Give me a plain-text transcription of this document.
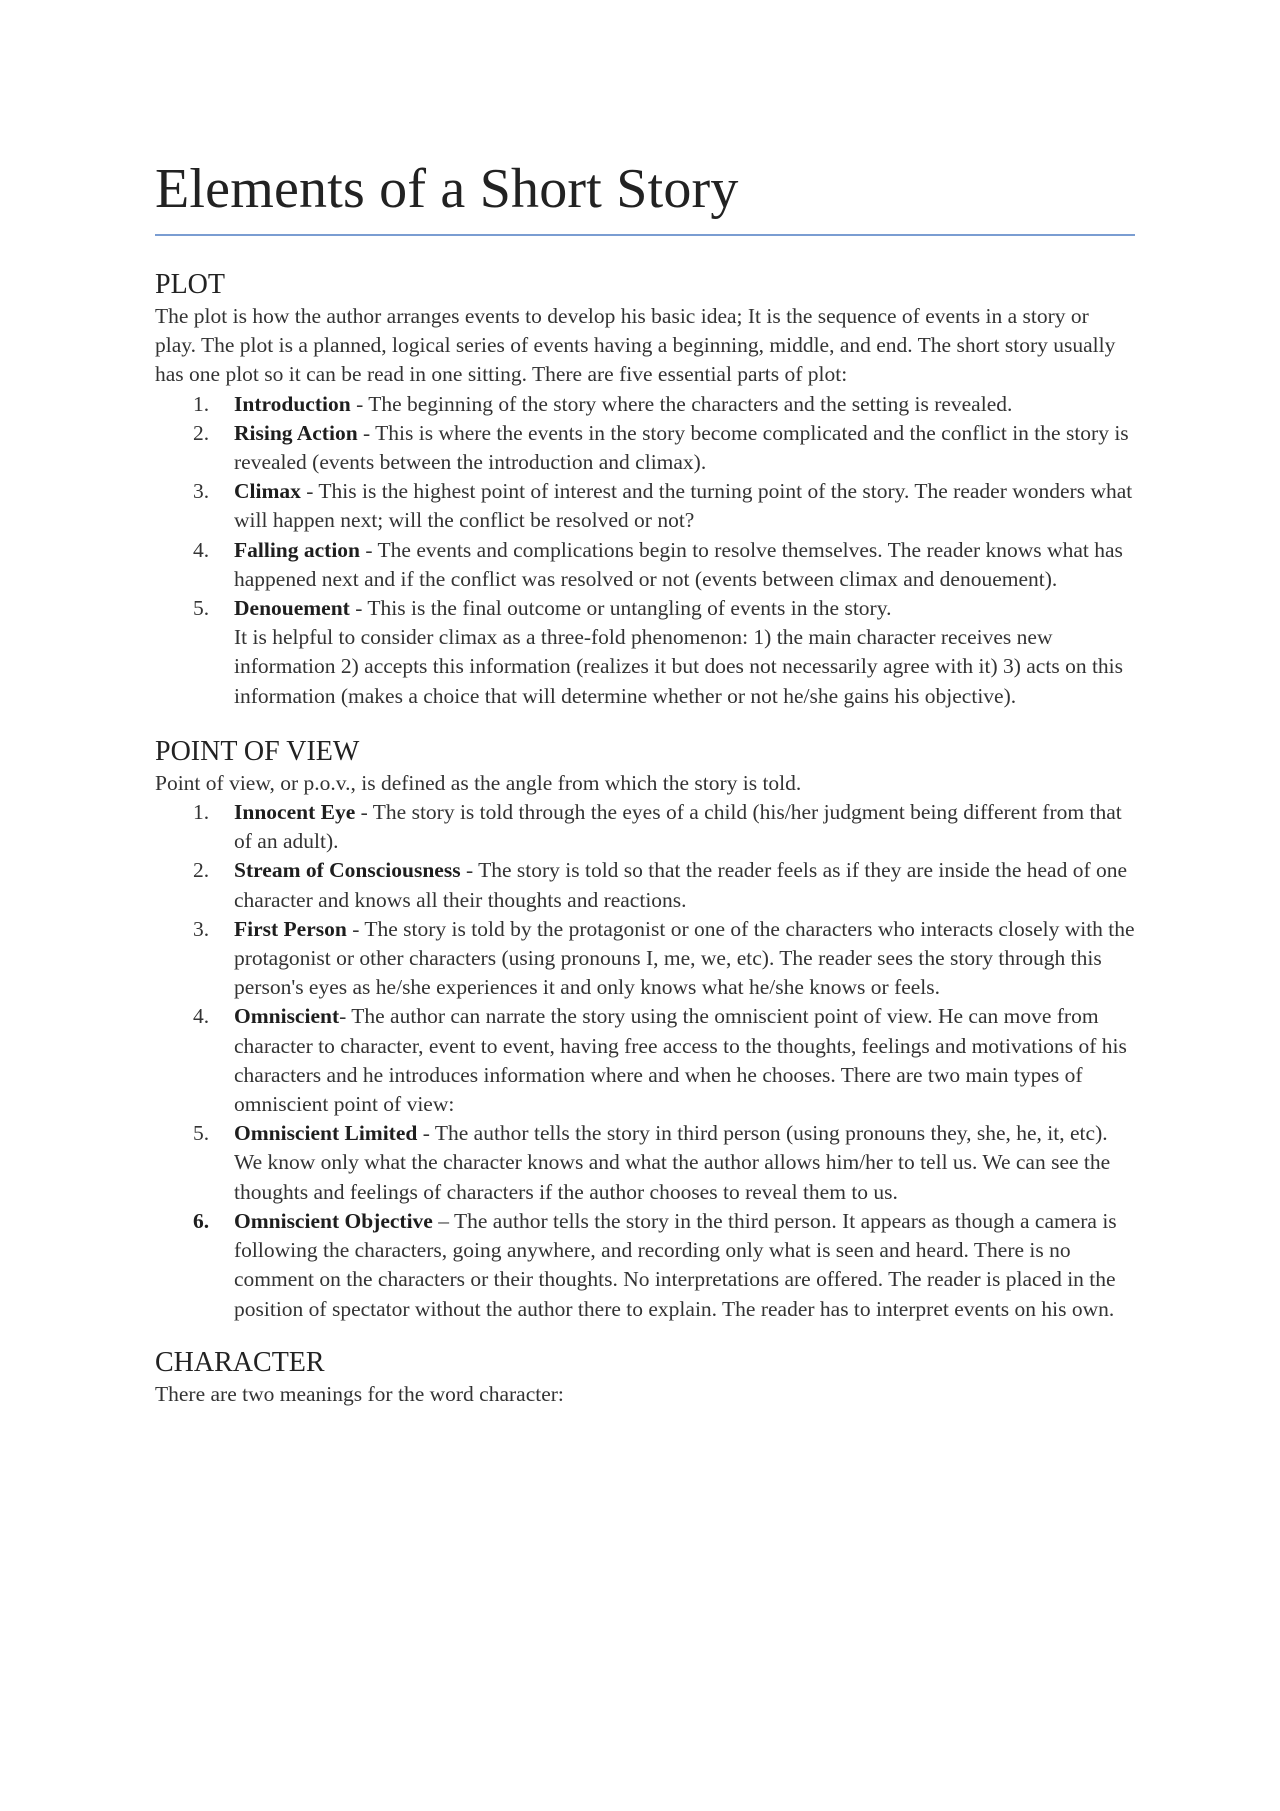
Elements of a Short Story
PLOT

The plot is how the author arranges events to develop his basic idea; It is the sequence of events in a story or play. The plot is a planned, logical series of events having a beginning, middle, and end. The short story usually has one plot so it can be read in one sitting. There are five essential parts of plot:

1.	Introduction - The beginning of the story where the characters and the setting is revealed.
2.	Rising Action - This is where the events in the story become complicated and the conflict in the story is revealed (events between the introduction and climax).
3.	Climax - This is the highest point of interest and the turning point of the story. The reader wonders what will happen next; will the conflict be resolved or not?
4.	Falling action - The events and complications begin to resolve themselves. The reader knows what has happened next and if the conflict was resolved or not (events between climax and denouement).
5.	Denouement - This is the final outcome or untangling of events in the story.
It is helpful to consider climax as a three-fold phenomenon: 1) the main character receives new information 2) accepts this information (realizes it but does not necessarily agree with it) 3) acts on this information (makes a choice that will determine whether or not he/she gains his objective).
POINT OF VIEW

Point of view, or p.o.v., is defined as the angle from which the story is told.

1.	Innocent Eye - The story is told through the eyes of a child (his/her judgment being different from that of an adult).
2.	Stream of Consciousness - The story is told so that the reader feels as if they are inside the head of one character and knows all their thoughts and reactions.
3.	First Person - The story is told by the protagonist or one of the characters who interacts closely with the protagonist or other characters (using pronouns I, me, we, etc). The reader sees the story through this person's eyes as he/she experiences it and only knows what he/she knows or feels.
4.	Omniscient- The author can narrate the story using the omniscient point of view. He can move from character to character, event to event, having free access to the thoughts, feelings and motivations of his characters and he introduces information where and when he chooses. There are two main types of omniscient point of view:
5.	Omniscient Limited - The author tells the story in third person (using pronouns they, she, he, it, etc). We know only what the character knows and what the author allows him/her to tell us. We can see the thoughts and feelings of characters if the author chooses to reveal them to us.
6.	Omniscient Objective – The author tells the story in the third person. It appears as though a camera is following the characters, going anywhere, and recording only what is seen and heard. There is no comment on the characters or their thoughts. No interpretations are offered. The reader is placed in the position of spectator without the author there to explain. The reader has to interpret events on his own.
CHARACTER

There are two meanings for the word character:
